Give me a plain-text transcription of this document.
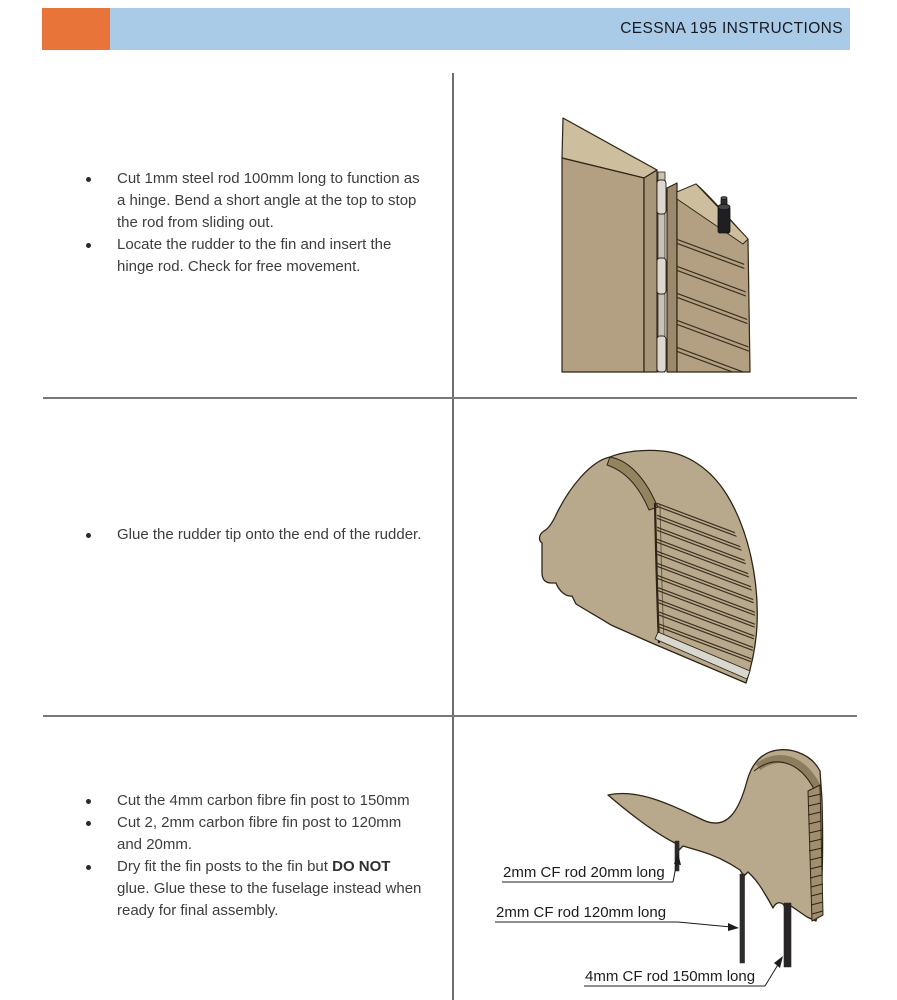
CESSNA 195 INSTRUCTIONS
Cut 1mm steel rod 100mm long to function as a hinge. Bend a short angle at the top to stop the rod from sliding out.
Locate the rudder to the fin and insert the hinge rod. Check for free movement.
Glue the rudder tip onto the end of the rudder.
Cut the 4mm carbon fibre fin post to 150mm
Cut 2, 2mm carbon fibre fin post to 120mm and 20mm.
Dry fit the fin posts to the fin but DO NOT glue. Glue these to the fuselage instead when ready for final assembly.
2mm CF rod 20mm long
2mm CF rod 120mm long
4mm CF rod 150mm long
